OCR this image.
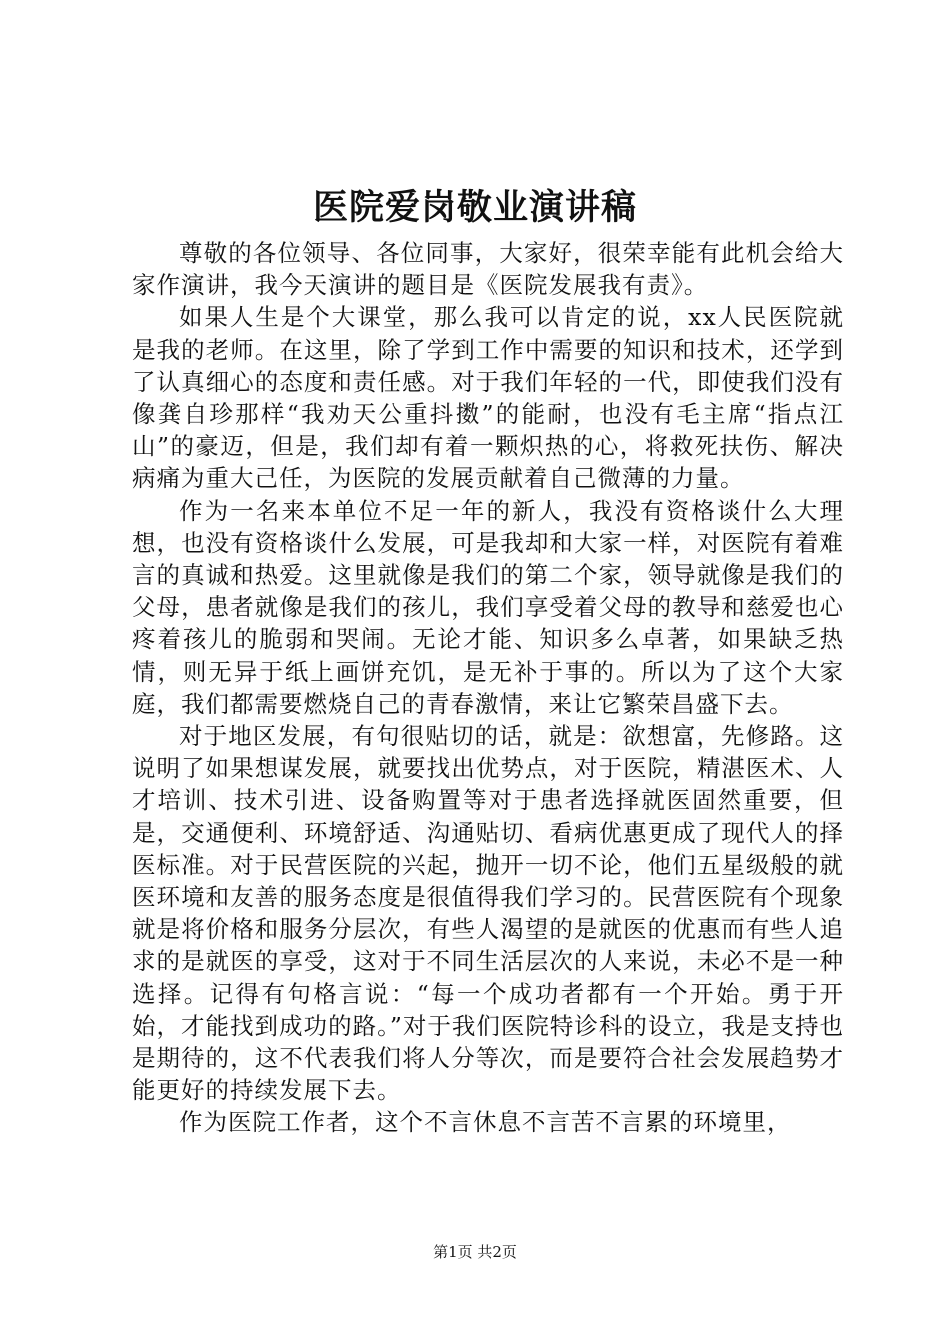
医院爱岗敬业演讲稿

尊敬的各位领导、各位同事，大家好，很荣幸能有此机会给大家作演讲，我今天演讲的题目是《医院发展我有责》。

如果人生是个大课堂，那么我可以肯定的说，xx人民医院就是我的老师。在这里，除了学到工作中需要的知识和技术，还学到了认真细心的态度和责任感。对于我们年轻的一代，即使我们没有像龚自珍那样“我劝天公重抖擞”的能耐，也没有毛主席“指点江山”的豪迈，但是，我们却有着一颗炽热的心，将救死扶伤、解决病痛为重大己任，为医院的发展贡献着自己微薄的力量。

作为一名来本单位不足一年的新人，我没有资格谈什么大理想，也没有资格谈什么发展，可是我却和大家一样，对医院有着难言的真诚和热爱。这里就像是我们的第二个家，领导就像是我们的父母，患者就像是我们的孩儿，我们享受着父母的教导和慈爱也心疼着孩儿的脆弱和哭闹。无论才能、知识多么卓著，如果缺乏热情，则无异于纸上画饼充饥，是无补于事的。所以为了这个大家庭，我们都需要燃烧自己的青春激情，来让它繁荣昌盛下去。

对于地区发展，有句很贴切的话，就是：欲想富，先修路。这说明了如果想谋发展，就要找出优势点，对于医院，精湛医术、人才培训、技术引进、设备购置等对于患者选择就医固然重要，但是，交通便利、环境舒适、沟通贴切、看病优惠更成了现代人的择医标准。对于民营医院的兴起，抛开一切不论，他们五星级般的就医环境和友善的服务态度是很值得我们学习的。民营医院有个现象就是将价格和服务分层次，有些人渴望的是就医的优惠而有些人追求的是就医的享受，这对于不同生活层次的人来说，未必不是一种选择。记得有句格言说：“每一个成功者都有一个开始。勇于开始，才能找到成功的路。”对于我们医院特诊科的设立，我是支持也是期待的，这不代表我们将人分等次，而是要符合社会发展趋势才能更好的持续发展下去。

作为医院工作者，这个不言休息不言苦不言累的环境里，

第1页 共2页
